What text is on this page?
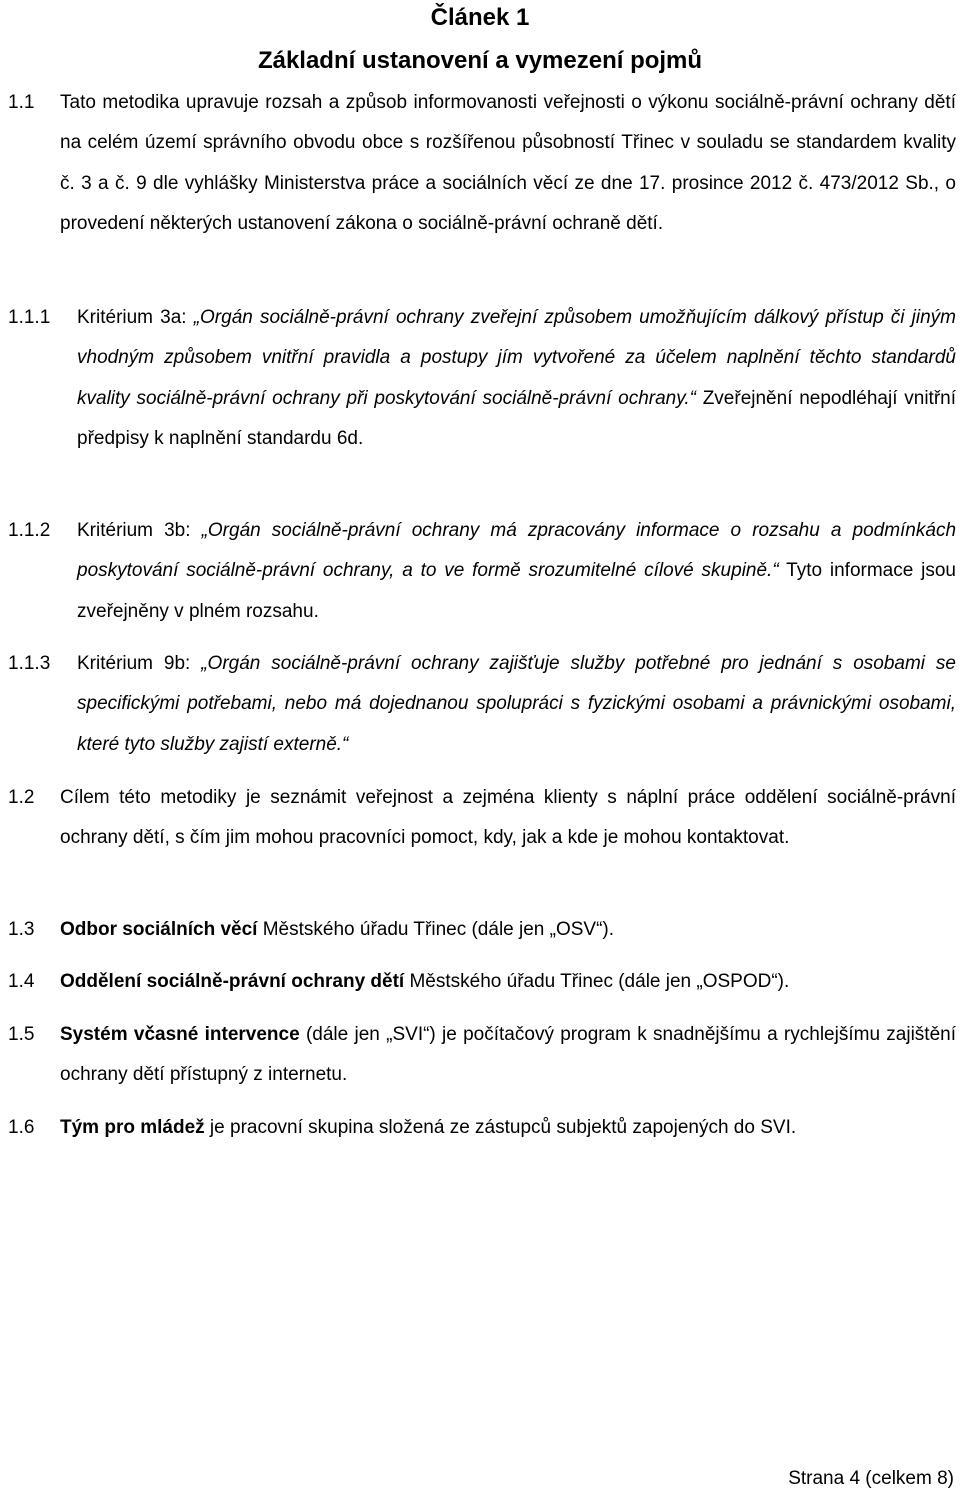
Článek 1
Základní ustanovení a vymezení pojmů
1.1 Tato metodika upravuje rozsah a způsob informovanosti veřejnosti o výkonu sociálně-právní ochrany dětí na celém území správního obvodu obce s rozšířenou působností Třinec v souladu se standardem kvality č. 3 a č. 9 dle vyhlášky Ministerstva práce a sociálních věcí ze dne 17. prosince 2012 č. 473/2012 Sb., o provedení některých ustanovení zákona o sociálně-právní ochraně dětí.
1.1.1 Kritérium 3a: „Orgán sociálně-právní ochrany zveřejní způsobem umožňujícím dálkový přístup či jiným vhodným způsobem vnitřní pravidla a postupy jím vytvořené za účelem naplnění těchto standardů kvality sociálně-právní ochrany při poskytování sociálně-právní ochrany.“ Zveřejnění nepodléhají vnitřní předpisy k naplnění standardu 6d.
1.1.2 Kritérium 3b: „Orgán sociálně-právní ochrany má zpracovány informace o rozsahu a podmínkách poskytování sociálně-právní ochrany, a to ve formě srozumitelné cílové skupině.“ Tyto informace jsou zveřejněny v plném rozsahu.
1.1.3 Kritérium 9b: „Orgán sociálně-právní ochrany zajišťuje služby potřebné pro jednání s osobami se specifickými potřebami, nebo má dojednanou spolupráci s fyzickými osobami a právnickými osobami, které tyto služby zajistí externě.“
1.2 Cílem této metodiky je seznámit veřejnost a zejména klienty s náplní práce oddělení sociálně-právní ochrany dětí, s čím jim mohou pracovníci pomoct, kdy, jak a kde je mohou kontaktovat.
1.3 Odbor sociálních věcí Městského úřadu Třinec (dále jen „OSV“).
1.4 Oddělení sociálně-právní ochrany dětí Městského úřadu Třinec (dále jen „OSPOD“).
1.5 Systém včasné intervence (dále jen „SVI“) je počítačový program k snadnějšímu a rychlejšímu zajištění ochrany dětí přístupný z internetu.
1.6 Tým pro mládež je pracovní skupina složená ze zástupců subjektů zapojených do SVI.
Strana 4 (celkem 8)
